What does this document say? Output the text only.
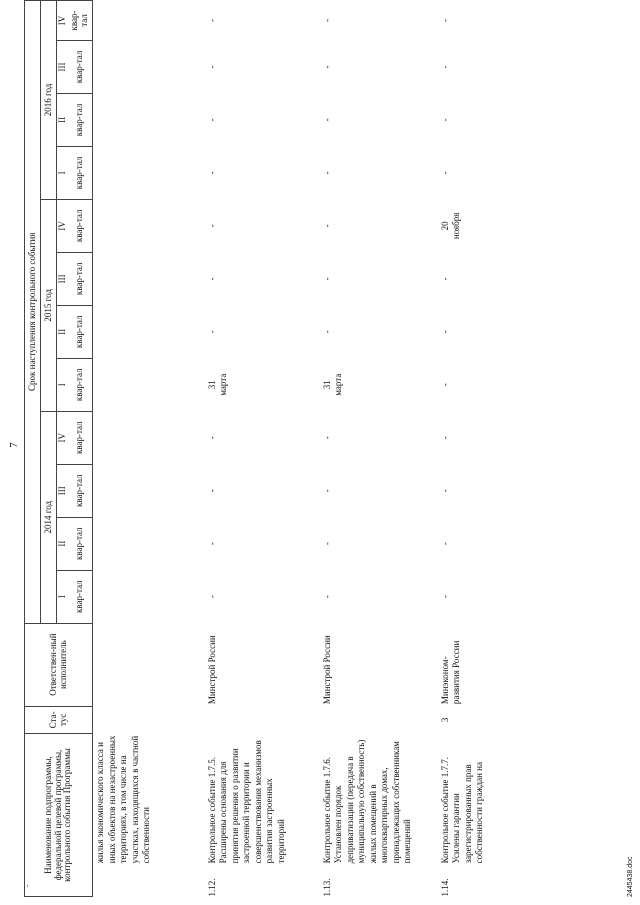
.
7
Наименование подпрограммы, федеральной целевой программы, контрольного события Программы		Ста-тус	Ответствен-ный исполнитель	Срок наступления контрольного события											
				2014 год				2015 год				2016 год			
				I	II	III	IV	I	II	III	IV	I	II	III	IV
				квар-тал	квар-тал	квар-тал	квар-тал	квар-тал	квар-тал	квар-тал	квар-тал	квар-тал	квар-тал	квар-тал	квар-тал
	жилья экономического класса и иных объектов на незастроенных территориях, в том числе на участках, находящихся в частной собственности			

1.12.	Контрольное событие 1.7.5. Расширены основания для принятия решения о развитии застроенной территории и совершенствования механизмов развития застроенных территорий		Минстрой России	-	-	-	-	31 марта	-	-	-	-	-	-	-

1.13.	Контрольное событие 1.7.6. Установлен порядок деприватизации (передача в муниципальную собственность) жилых помещений в многоквартирных домах, принадлежащих собственникам помещений		Минстрой России	-	-	-	-	31 марта	-	-	-	-	-	-	-

1.14.	Контрольное событие 1.7.7. Усилены гарантии зарегистрированных прав собственности граждан на	3	Минэконом-развития России	-	-	-	-	-	-	-	20 ноября	-	-	-	-
2445438.doc
